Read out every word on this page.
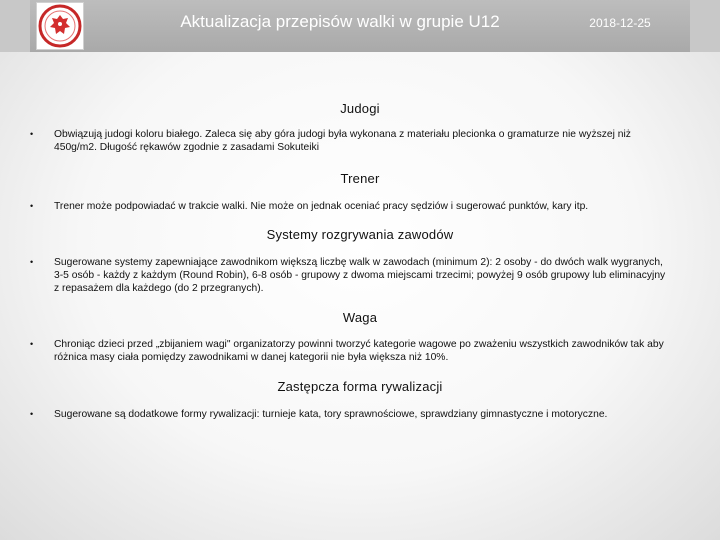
Aktualizacja przepisów walki w grupie U12	2018-12-25
Judogi
• Obwiązują judogi koloru białego. Zaleca się aby góra judogi była wykonana z materiału plecionka o gramaturze nie wyższej niż 450g/m2. Długość rękawów zgodnie z zasadami Sokuteiki
Trener
• Trener może podpowiadać w trakcie walki. Nie może on jednak oceniać pracy sędziów i sugerować punktów, kary itp.
Systemy rozgrywania zawodów
• Sugerowane systemy zapewniające zawodnikom większą liczbę walk w zawodach (minimum 2): 2 osoby - do dwóch walk wygranych, 3-5 osób - każdy z każdym (Round Robin), 6-8 osób - grupowy z dwoma miejscami trzecimi; powyżej 9 osób grupowy lub eliminacyjny z repasażem dla każdego (do 2 przegranych).
Waga
• Chroniąc dzieci przed „zbijaniem wagi" organizatorzy powinni tworzyć kategorie wagowe po zważeniu wszystkich zawodników tak aby różnica masy ciała pomiędzy zawodnikami w danej kategorii nie była większa niż 10%.
Zastępcza forma rywalizacji
• Sugerowane są dodatkowe formy rywalizacji: turnieje kata, tory sprawnościowe, sprawdziany gimnastyczne i motoryczne.
